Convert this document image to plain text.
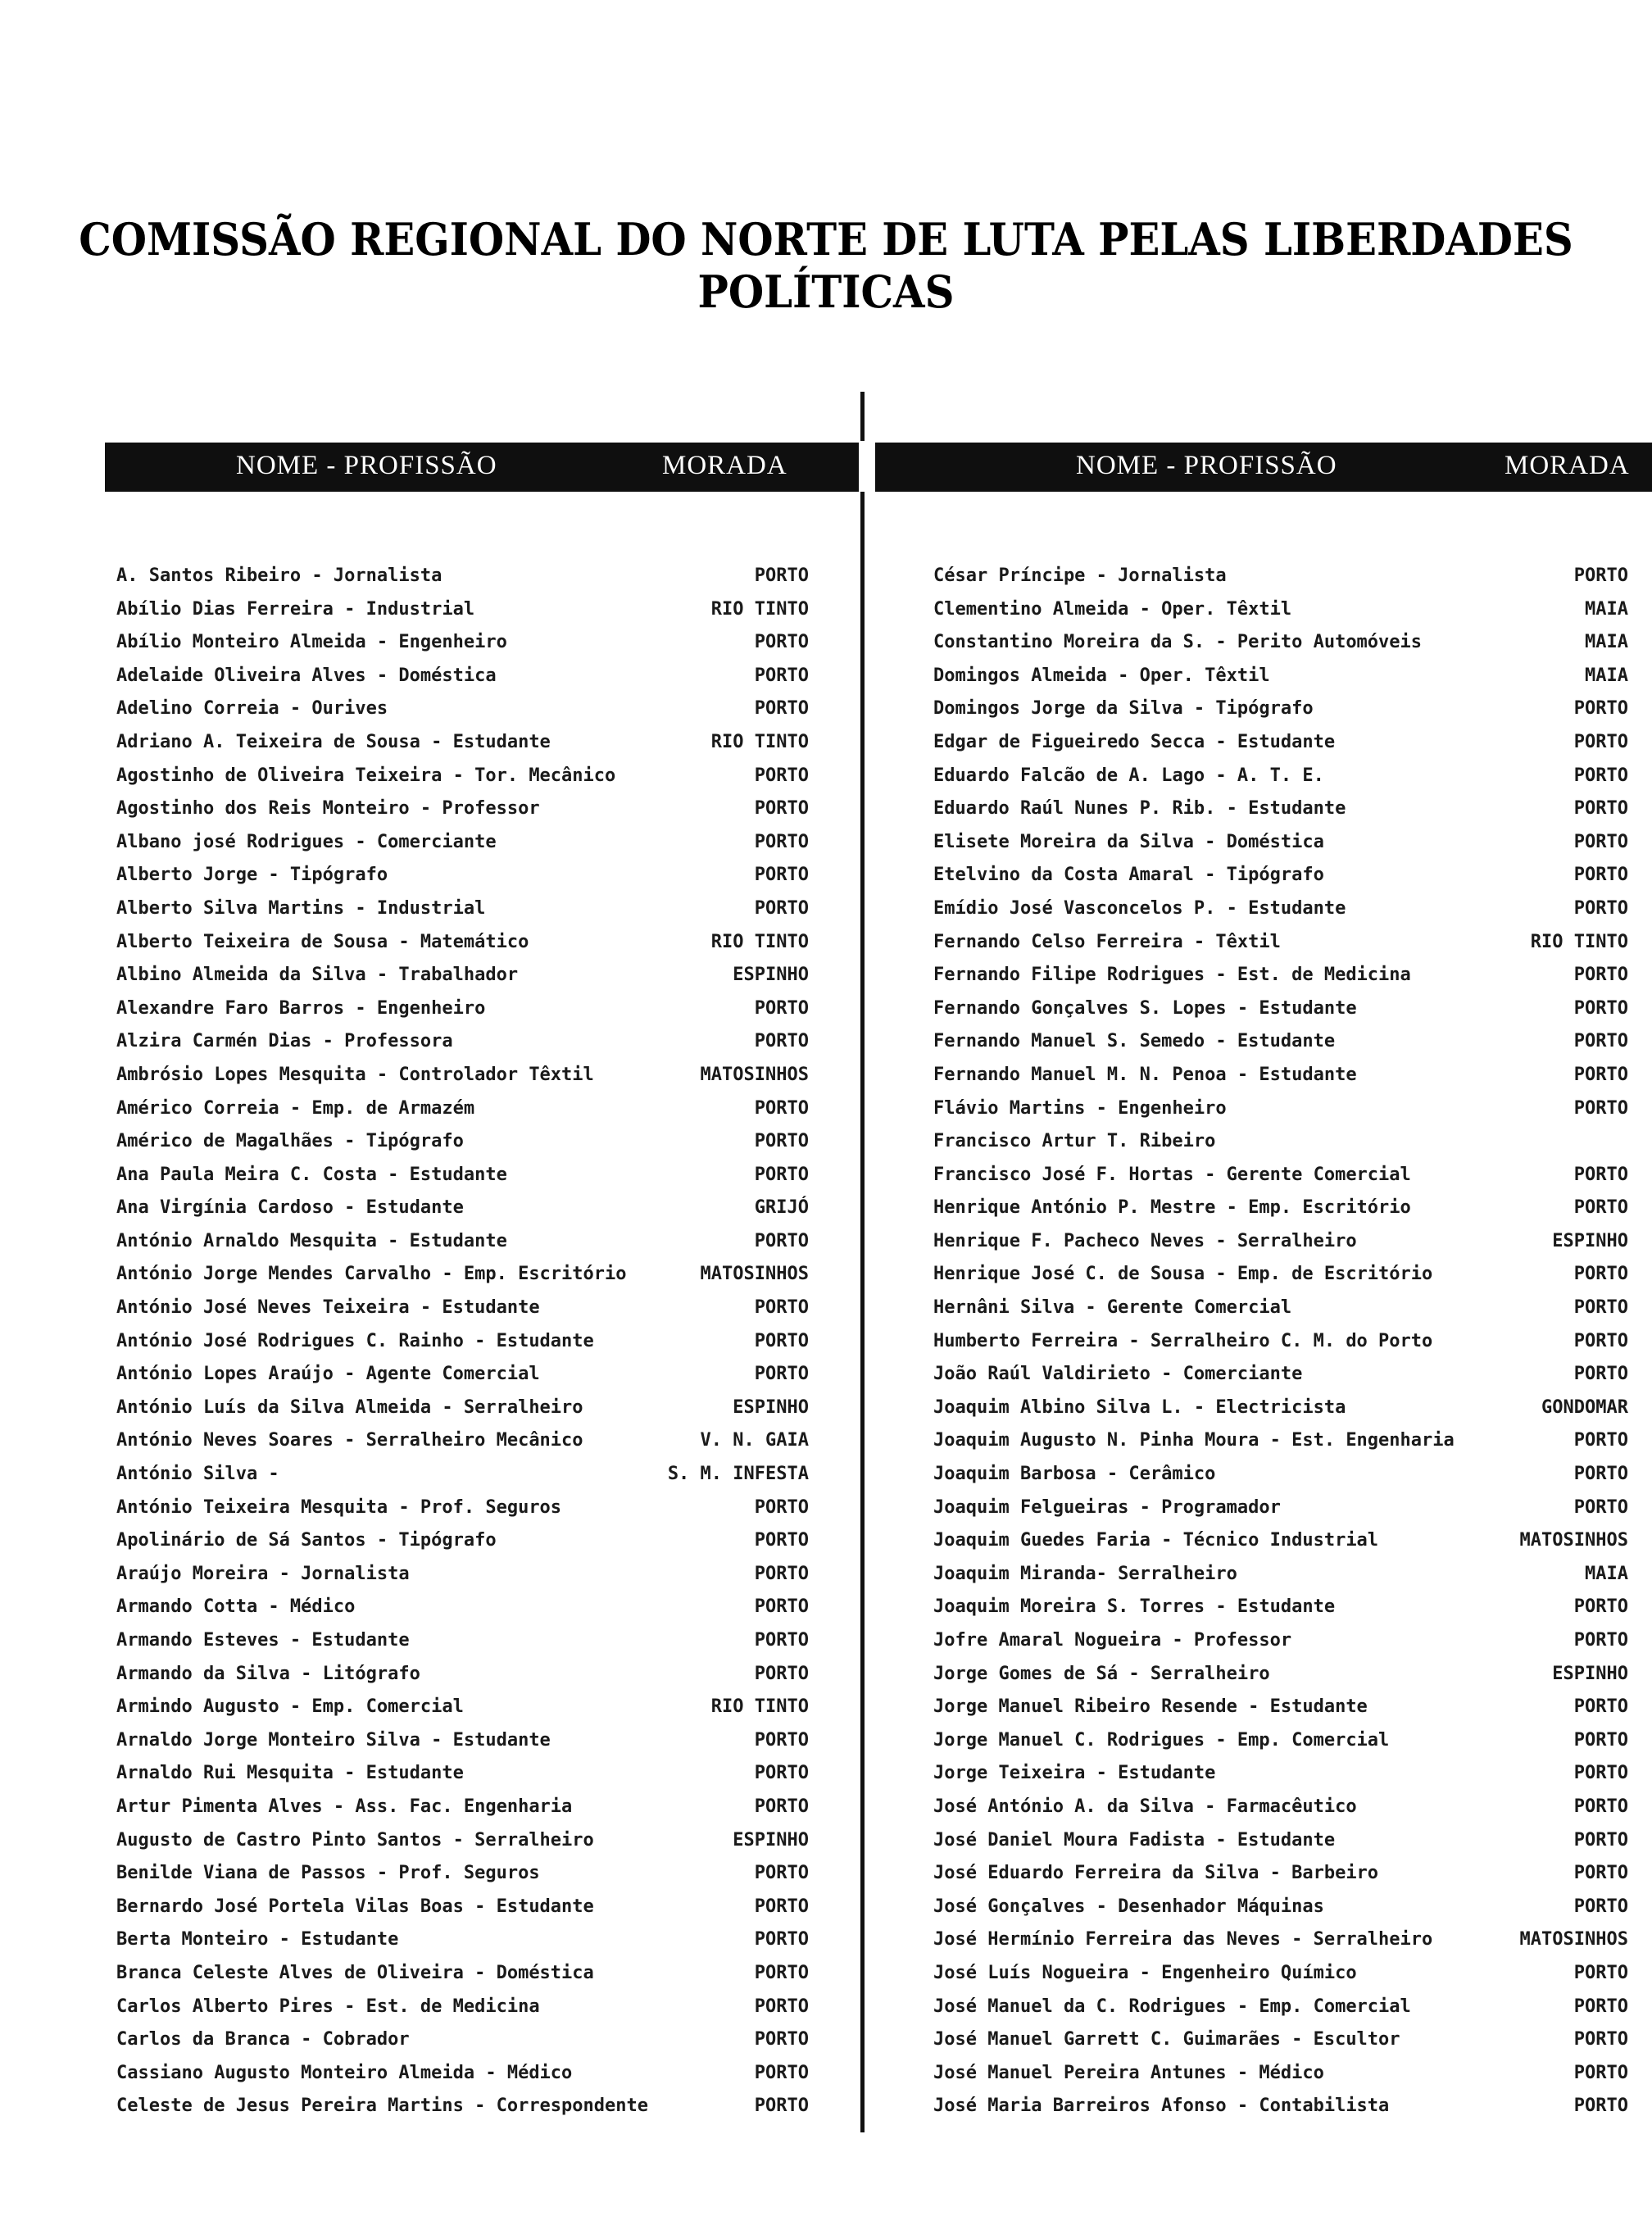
COMISSÃO REGIONAL DO NORTE DE LUTA PELAS LIBERDADES POLÍTICAS
NOME - PROFISSÃO	MORADA	NOME - PROFISSÃO	MORADA
A. Santos Ribeiro - Jornalista	PORTO
Abílio Dias Ferreira - Industrial	RIO TINTO
Abílio Monteiro Almeida - Engenheiro	PORTO
Adelaide Oliveira Alves - Doméstica	PORTO
Adelino Correia - Ourives	PORTO
Adriano A. Teixeira de Sousa - Estudante	RIO TINTO
Agostinho de Oliveira Teixeira - Tor. Mecânico	PORTO
Agostinho dos Reis Monteiro - Professor	PORTO
Albano josé Rodrigues - Comerciante	PORTO
Alberto Jorge - Tipógrafo	PORTO
Alberto Silva Martins - Industrial	PORTO
Alberto Teixeira de Sousa - Matemático	RIO TINTO
Albino Almeida da Silva - Trabalhador	ESPINHO
Alexandre Faro Barros - Engenheiro	PORTO
Alzira Carmén Dias - Professora	PORTO
Ambrósio Lopes Mesquita - Controlador Têxtil	MATOSINHOS
Américo Correia - Emp. de Armazém	PORTO
Américo de Magalhães - Tipógrafo	PORTO
Ana Paula Meira C. Costa - Estudante	PORTO
Ana Virgínia Cardoso - Estudante	GRIJÓ
António Arnaldo Mesquita - Estudante	PORTO
António Jorge Mendes Carvalho - Emp. Escritório	MATOSINHOS
António José Neves Teixeira - Estudante	PORTO
António José Rodrigues C. Rainho - Estudante	PORTO
António Lopes Araújo - Agente Comercial	PORTO
António Luís da Silva Almeida - Serralheiro	ESPINHO
António Neves Soares - Serralheiro Mecânico	V. N. GAIA
António Silva -	S. M. INFESTA
António Teixeira Mesquita - Prof. Seguros	PORTO
Apolinário de Sá Santos - Tipógrafo	PORTO
Araújo Moreira - Jornalista	PORTO
Armando Cotta - Médico	PORTO
Armando Esteves - Estudante	PORTO
Armando da Silva - Litógrafo	PORTO
Armindo Augusto - Emp. Comercial	RIO TINTO
Arnaldo Jorge Monteiro Silva - Estudante	PORTO
Arnaldo Rui Mesquita - Estudante	PORTO
Artur Pimenta Alves - Ass. Fac. Engenharia	PORTO
Augusto de Castro Pinto Santos - Serralheiro	ESPINHO
Benilde Viana de Passos - Prof. Seguros	PORTO
Bernardo José Portela Vilas Boas - Estudante	PORTO
Berta Monteiro - Estudante	PORTO
Branca Celeste Alves de Oliveira - Doméstica	PORTO
Carlos Alberto Pires - Est. de Medicina	PORTO
Carlos da Branca - Cobrador	PORTO
Cassiano Augusto Monteiro Almeida - Médico	PORTO
Celeste de Jesus Pereira Martins - Correspondente	PORTO
César Príncipe - Jornalista	PORTO
Clementino Almeida - Oper. Têxtil	MAIA
Constantino Moreira da S. - Perito Automóveis	MAIA
Domingos Almeida - Oper. Têxtil	MAIA
Domingos Jorge da Silva - Tipógrafo	PORTO
Edgar de Figueiredo Secca - Estudante	PORTO
Eduardo Falcão de A. Lago - A. T. E.	PORTO
Eduardo Raúl Nunes P. Rib. - Estudante	PORTO
Elisete Moreira da Silva - Doméstica	PORTO
Etelvino da Costa Amaral - Tipógrafo	PORTO
Emídio José Vasconcelos P. - Estudante	PORTO
Fernando Celso Ferreira - Têxtil	RIO TINTO
Fernando Filipe Rodrigues - Est. de Medicina	PORTO
Fernando Gonçalves S. Lopes - Estudante	PORTO
Fernando Manuel S. Semedo - Estudante	PORTO
Fernando Manuel M. N. Penoa - Estudante	PORTO
Flávio Martins - Engenheiro	PORTO
Francisco Artur T. Ribeiro
Francisco José F. Hortas - Gerente Comercial	PORTO
Henrique António P. Mestre - Emp. Escritório	PORTO
Henrique F. Pacheco Neves - Serralheiro	ESPINHO
Henrique José C. de Sousa - Emp. de Escritório	PORTO
Hernâni Silva - Gerente Comercial	PORTO
Humberto Ferreira - Serralheiro C. M. do Porto	PORTO
João Raúl Valdirieto - Comerciante	PORTO
Joaquim Albino Silva L. - Electricista	GONDOMAR
Joaquim Augusto N. Pinha Moura - Est. Engenharia	PORTO
Joaquim Barbosa - Cerâmico	PORTO
Joaquim Felgueiras - Programador	PORTO
Joaquim Guedes Faria - Técnico Industrial	MATOSINHOS
Joaquim Miranda- Serralheiro	MAIA
Joaquim Moreira S. Torres - Estudante	PORTO
Jofre Amaral Nogueira - Professor	PORTO
Jorge Gomes de Sá - Serralheiro	ESPINHO
Jorge Manuel Ribeiro Resende - Estudante	PORTO
Jorge Manuel C. Rodrigues - Emp. Comercial	PORTO
Jorge Teixeira - Estudante	PORTO
José António A. da Silva - Farmacêutico	PORTO
José Daniel Moura Fadista - Estudante	PORTO
José Eduardo Ferreira da Silva - Barbeiro	PORTO
José Gonçalves - Desenhador Máquinas	PORTO
José Hermínio Ferreira das Neves - Serralheiro	MATOSINHOS
José Luís Nogueira - Engenheiro Químico	PORTO
José Manuel da C. Rodrigues - Emp. Comercial	PORTO
José Manuel Garrett C. Guimarães - Escultor	PORTO
José Manuel Pereira Antunes - Médico	PORTO
José Maria Barreiros Afonso - Contabilista	PORTO
